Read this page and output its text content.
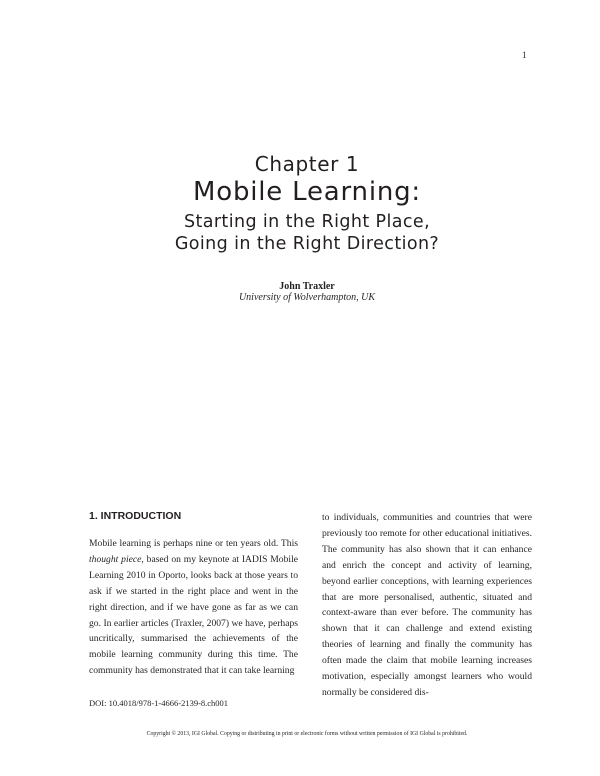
1
Chapter 1
Mobile Learning:
Starting in the Right Place,
Going in the Right Direction?
John Traxler
University of Wolverhampton, UK
1. INTRODUCTION
Mobile learning is perhaps nine or ten years old. This thought piece, based on my keynote at IADIS Mobile Learning 2010 in Oporto, looks back at those years to ask if we started in the right place and went in the right direction, and if we have gone as far as we can go. In earlier articles (Traxler, 2007) we have, perhaps uncritically, summarised the achievements of the mobile learning community during this time. The community has demonstrated that it can take learning
to individuals, communities and countries that were previously too remote for other educational initiatives. The community has also shown that it can enhance and enrich the concept and activity of learning, beyond earlier conceptions, with learning experiences that are more personalised, authentic, situated and context-aware than ever before. The community has shown that it can challenge and extend existing theories of learning and finally the community has often made the claim that mobile learning increases motivation, especially amongst learners who would normally be considered dis-
DOI: 10.4018/978-1-4666-2139-8.ch001
Copyright © 2013, IGI Global. Copying or distributing in print or electronic forms without written permission of IGI Global is prohibited.
